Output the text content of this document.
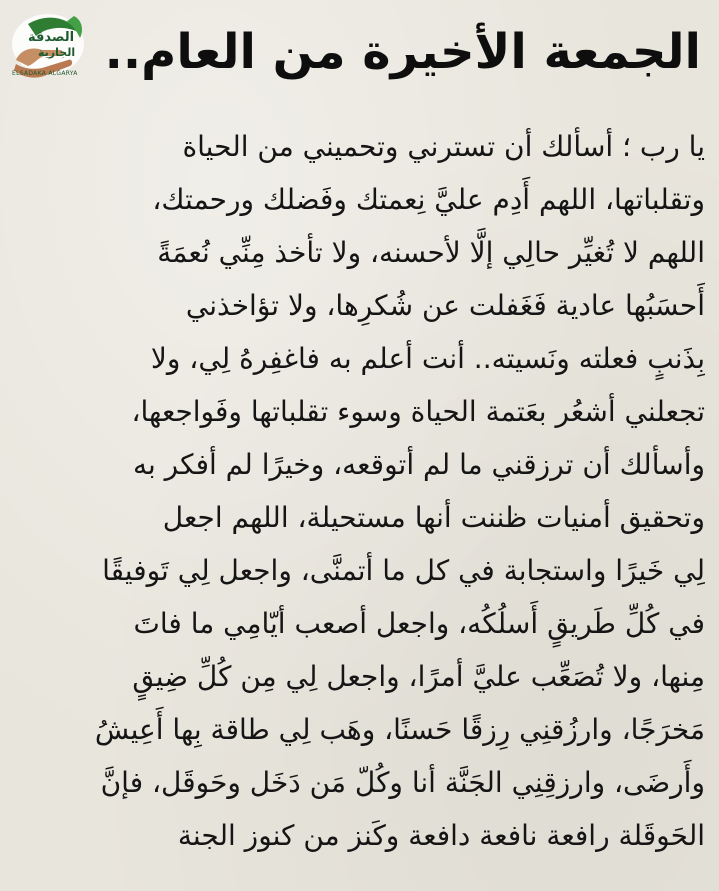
الصدقة
الجارية
ELSADAKA ALGARYA الجمعة الأخيرة من العام..
يا رب ؛ أسألك أن تسترني وتحميني من الحياة
وتقلباتها، اللهم أَدِم عليَّ نِعمتك وفَضلك ورحمتك،
اللهم لا تُغيِّر حالِي إلَّا لأحسنه، ولا تأخذ مِنِّي نُعمَةً
أَحسَبُها عادية فَغَفلت عن شُكرِها، ولا تؤاخذني
بِذَنبٍ فعلته ونَسيته.. أنت أعلم به فاغفِرهُ لِي، ولا
تجعلني أشعُر بعَتمة الحياة وسوء تقلباتها وفَواجعها،
وأسألك أن ترزقني ما لم أتوقعه، وخيرًا لم أفكر به
وتحقيق أمنيات ظننت أنها مستحيلة، اللهم اجعل
لِي خَيرًا واستجابة في كل ما أتمنَّى، واجعل لِي تَوفيقًا
في كُلِّ طَريقٍ أَسلُكُه، واجعل أصعب أيّامِي ما فاتَ
مِنها، ولا تُصَعِّب عليَّ أمرًا، واجعل لِي مِن كُلِّ ضِيقٍ
مَخرَجًا، وارزُقنِي رِزقًا حَسنًا، وهَب لِي طاقة بِها أَعِيشُ
وأَرضَى، وارزقِنِي الجَنَّة أنا وكُلّ مَن دَخَل وحَوقَل، فإنَّ
الحَوقَلة رافعة نافعة دافعة وكَنز من كنوز الجنة
